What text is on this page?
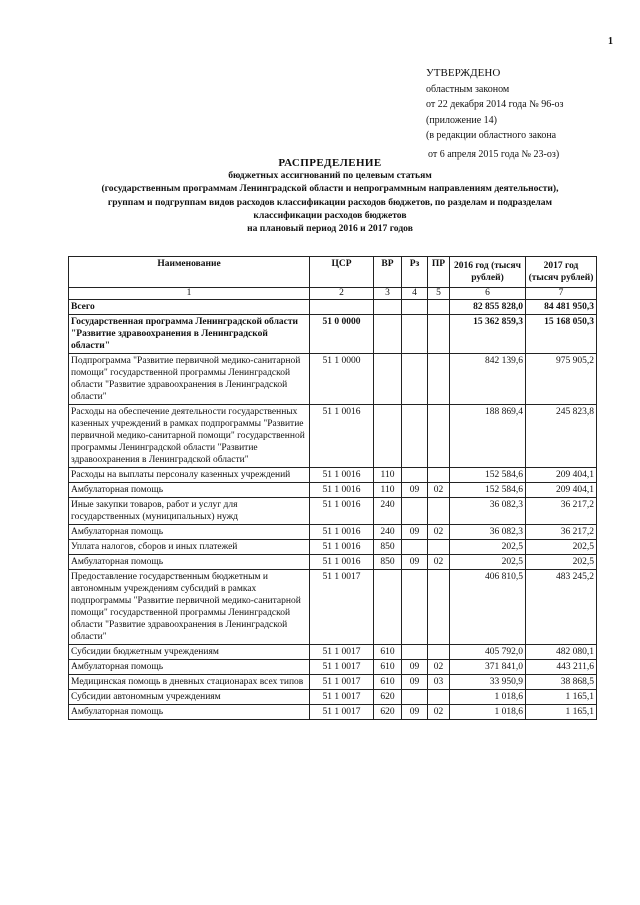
1
УТВЕРЖДЕНО
областным законом
от 22 декабря 2014 года № 96-оз
(приложение 14)
(в редакции областного закона
от 6 апреля 2015 года № 23-оз)
РАСПРЕДЕЛЕНИЕ
бюджетных ассигнований по целевым статьям
(государственным программам Ленинградской области и непрограммным направлениям деятельности),
группам и подгруппам видов расходов классификации расходов бюджетов, по разделам и подразделам
классификации расходов бюджетов
на плановый период 2016 и 2017 годов
Наименование	ЦСР	ВР	Рз	ПР	2016 год (тысяч рублей)	2017 год (тысяч рублей)
1	2	3	4	5	6	7
Всего					82 855 828,0	84 481 950,3
Государственная программа Ленинградской области "Развитие здравоохранения в Ленинградской области"	51 0 0000				15 362 859,3	15 168 050,3
Подпрограмма "Развитие первичной медико-санитарной помощи" государственной программы Ленинградской области "Развитие здравоохранения в Ленинградской области"	51 1 0000				842 139,6	975 905,2
Расходы на обеспечение деятельности государственных казенных учреждений в рамках подпрограммы "Развитие первичной медико-санитарной помощи" государственной программы Ленинградской области "Развитие здравоохранения в Ленинградской области"	51 1 0016				188 869,4	245 823,8
Расходы на выплаты персоналу казенных учреждений	51 1 0016	110			152 584,6	209 404,1
Амбулаторная помощь	51 1 0016	110	09	02	152 584,6	209 404,1
Иные закупки товаров, работ и услуг для государственных (муниципальных) нужд	51 1 0016	240			36 082,3	36 217,2
Амбулаторная помощь	51 1 0016	240	09	02	36 082,3	36 217,2
Уплата налогов, сборов и иных платежей	51 1 0016	850			202,5	202,5
Амбулаторная помощь	51 1 0016	850	09	02	202,5	202,5
Предоставление государственным бюджетным и автономным учреждениям субсидий в рамках подпрограммы "Развитие первичной медико-санитарной помощи" государственной программы Ленинградской области "Развитие здравоохранения в Ленинградской области"	51 1 0017				406 810,5	483 245,2
Субсидии бюджетным учреждениям	51 1 0017	610			405 792,0	482 080,1
Амбулаторная помощь	51 1 0017	610	09	02	371 841,0	443 211,6
Медицинская помощь в дневных стационарах всех типов	51 1 0017	610	09	03	33 950,9	38 868,5
Субсидии автономным учреждениям	51 1 0017	620			1 018,6	1 165,1
Амбулаторная помощь	51 1 0017	620	09	02	1 018,6	1 165,1
